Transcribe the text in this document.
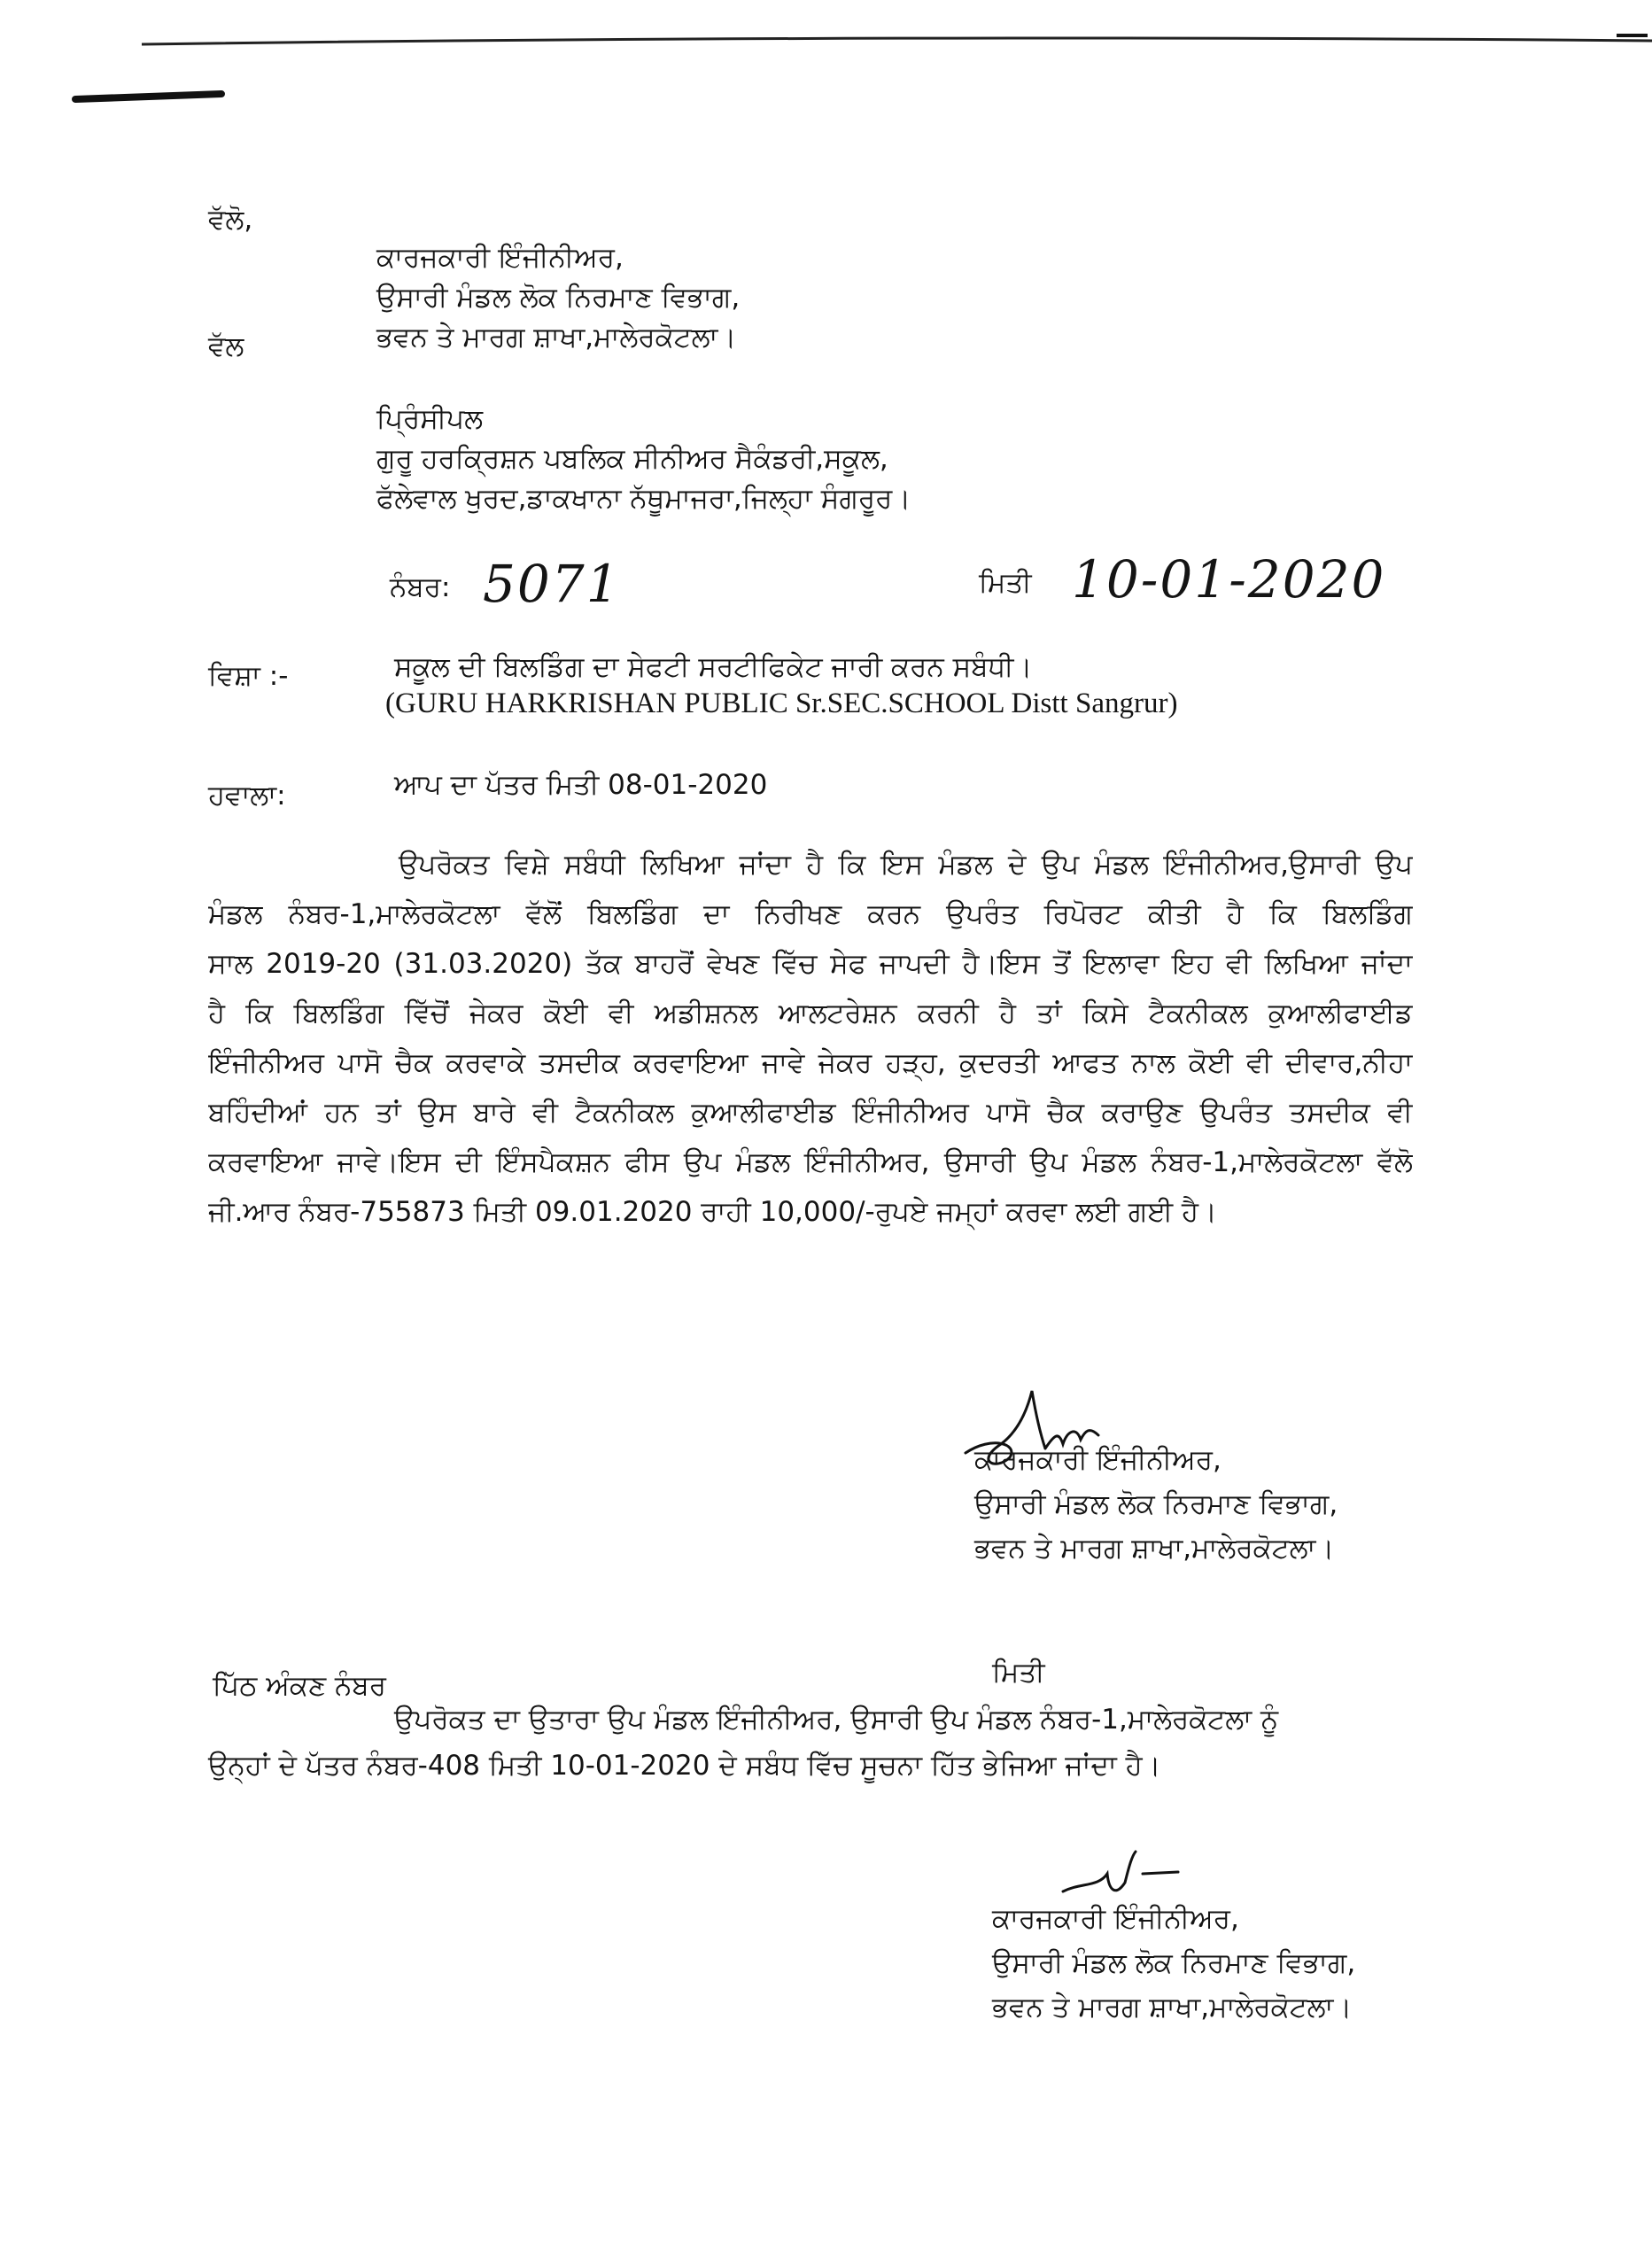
ਵੱਲੋ,
ਕਾਰਜਕਾਰੀ ਇੰਜੀਨੀਅਰ,
ਉਸਾਰੀ ਮੰਡਲ ਲੋਕ ਨਿਰਮਾਣ ਵਿਭਾਗ,
ਭਵਨ ਤੇ ਮਾਰਗ ਸ਼ਾਖਾ,ਮਾਲੇਰਕੋਟਲਾ।
ਵੱਲ
ਪ੍ਰਿੰਸੀਪਲ
ਗੁਰੂ ਹਰਕ੍ਰਿਸ਼ਨ ਪਬਲਿਕ ਸੀਨੀਅਰ ਸੈਕੰਡਰੀ,ਸਕੂਲ,
ਫੱਲੇਵਾਲ ਖੁਰਦ,ਡਾਕਖਾਨਾ ਨੱਥੂਮਾਜਰਾ,ਜਿਲ੍ਹਾ ਸੰਗਰੂਰ।
ਨੰਬਰ: 5071	ਮਿਤੀ 10-01-2020
ਵਿਸ਼ਾ :-	ਸਕੂਲ ਦੀ ਬਿਲਡਿੰਗ ਦਾ ਸੇਫਟੀ ਸਰਟੀਫਿਕੇਟ ਜਾਰੀ ਕਰਨ ਸਬੰਧੀ।
(GURU HARKRISHAN PUBLIC Sr.SEC.SCHOOL Distt Sangrur)
ਹਵਾਲਾ:	ਆਪ ਦਾ ਪੱਤਰ ਮਿਤੀ 08-01-2020
ਉਪਰੋਕਤ ਵਿਸ਼ੇ ਸਬੰਧੀ ਲਿਖਿਆ ਜਾਂਦਾ ਹੈ ਕਿ ਇਸ ਮੰਡਲ ਦੇ ਉਪ ਮੰਡਲ ਇੰਜੀਨੀਅਰ,ਉਸਾਰੀ ਉਪ
ਮੰਡਲ ਨੰਬਰ-1,ਮਾਲੇਰਕੋਟਲਾ ਵੱਲੋਂ ਬਿਲਡਿੰਗ ਦਾ ਨਿਰੀਖਣ ਕਰਨ ਉਪਰੰਤ ਰਿਪੋਰਟ ਕੀਤੀ ਹੈ ਕਿ ਬਿਲਡਿੰਗ
ਸਾਲ 2019-20 (31.03.2020) ਤੱਕ ਬਾਹਰੋਂ ਵੇਖਣ ਵਿੱਚ ਸੇਫ ਜਾਪਦੀ ਹੈ।ਇਸ ਤੋਂ ਇਲਾਵਾ ਇਹ ਵੀ ਲਿਖਿਆ ਜਾਂਦਾ
ਹੈ ਕਿ ਬਿਲਡਿੰਗ ਵਿੱਚੋਂ ਜੇਕਰ ਕੋਈ ਵੀ ਅਡੀਸ਼ਨਲ ਆਲਟਰੇਸ਼ਨ ਕਰਨੀ ਹੈ ਤਾਂ ਕਿਸੇ ਟੈਕਨੀਕਲ ਕੁਆਲੀਫਾਈਡ
ਇੰਜੀਨੀਅਰ ਪਾਸੋ ਚੈਕ ਕਰਵਾਕੇ ਤਸਦੀਕ ਕਰਵਾਇਆ ਜਾਵੇ ਜੇਕਰ ਹੜ੍ਹ, ਕੁਦਰਤੀ ਆਫਤ ਨਾਲ ਕੋਈ ਵੀ ਦੀਵਾਰ,ਨੀਹਾ
ਬਹਿੰਦੀਆਂ ਹਨ ਤਾਂ ਉਸ ਬਾਰੇ ਵੀ ਟੈਕਨੀਕਲ ਕੁਆਲੀਫਾਈਡ ਇੰਜੀਨੀਅਰ ਪਾਸੋ ਚੈਕ ਕਰਾਉਣ ਉਪਰੰਤ ਤਸਦੀਕ ਵੀ
ਕਰਵਾਇਆ ਜਾਵੇ।ਇਸ ਦੀ ਇੰਸਪੈਕਸ਼ਨ ਫੀਸ ਉਪ ਮੰਡਲ ਇੰਜੀਨੀਅਰ, ਉਸਾਰੀ ਉਪ ਮੰਡਲ ਨੰਬਰ-1,ਮਾਲੇਰਕੋਟਲਾ ਵੱਲੋ
ਜੀ.ਆਰ ਨੰਬਰ-755873 ਮਿਤੀ 09.01.2020 ਰਾਹੀ 10,000/-ਰੁਪਏ ਜਮ੍ਹਾਂ ਕਰਵਾ ਲਈ ਗਈ ਹੈ।
ਕਾਰਜਕਾਰੀ ਇੰਜੀਨੀਅਰ,
ਉਸਾਰੀ ਮੰਡਲ ਲੋਕ ਨਿਰਮਾਣ ਵਿਭਾਗ,
ਭਵਨ ਤੇ ਮਾਰਗ ਸ਼ਾਖਾ,ਮਾਲੇਰਕੋਟਲਾ।
ਪਿੱਠ ਅੰਕਣ ਨੰਬਰ	ਮਿਤੀ
ਉਪਰੋਕਤ ਦਾ ਉਤਾਰਾ ਉਪ ਮੰਡਲ ਇੰਜੀਨੀਅਰ, ਉਸਾਰੀ ਉਪ ਮੰਡਲ ਨੰਬਰ-1,ਮਾਲੇਰਕੋਟਲਾ ਨੂੰ
ਉਨ੍ਹਾਂ ਦੇ ਪੱਤਰ ਨੰਬਰ-408 ਮਿਤੀ 10-01-2020 ਦੇ ਸਬੰਧ ਵਿੱਚ ਸੂਚਨਾ ਹਿੱਤ ਭੇਜਿਆ ਜਾਂਦਾ ਹੈ।
ਕਾਰਜਕਾਰੀ ਇੰਜੀਨੀਅਰ,
ਉਸਾਰੀ ਮੰਡਲ ਲੋਕ ਨਿਰਮਾਣ ਵਿਭਾਗ,
ਭਵਨ ਤੇ ਮਾਰਗ ਸ਼ਾਖਾ,ਮਾਲੇਰਕੋਟਲਾ।
